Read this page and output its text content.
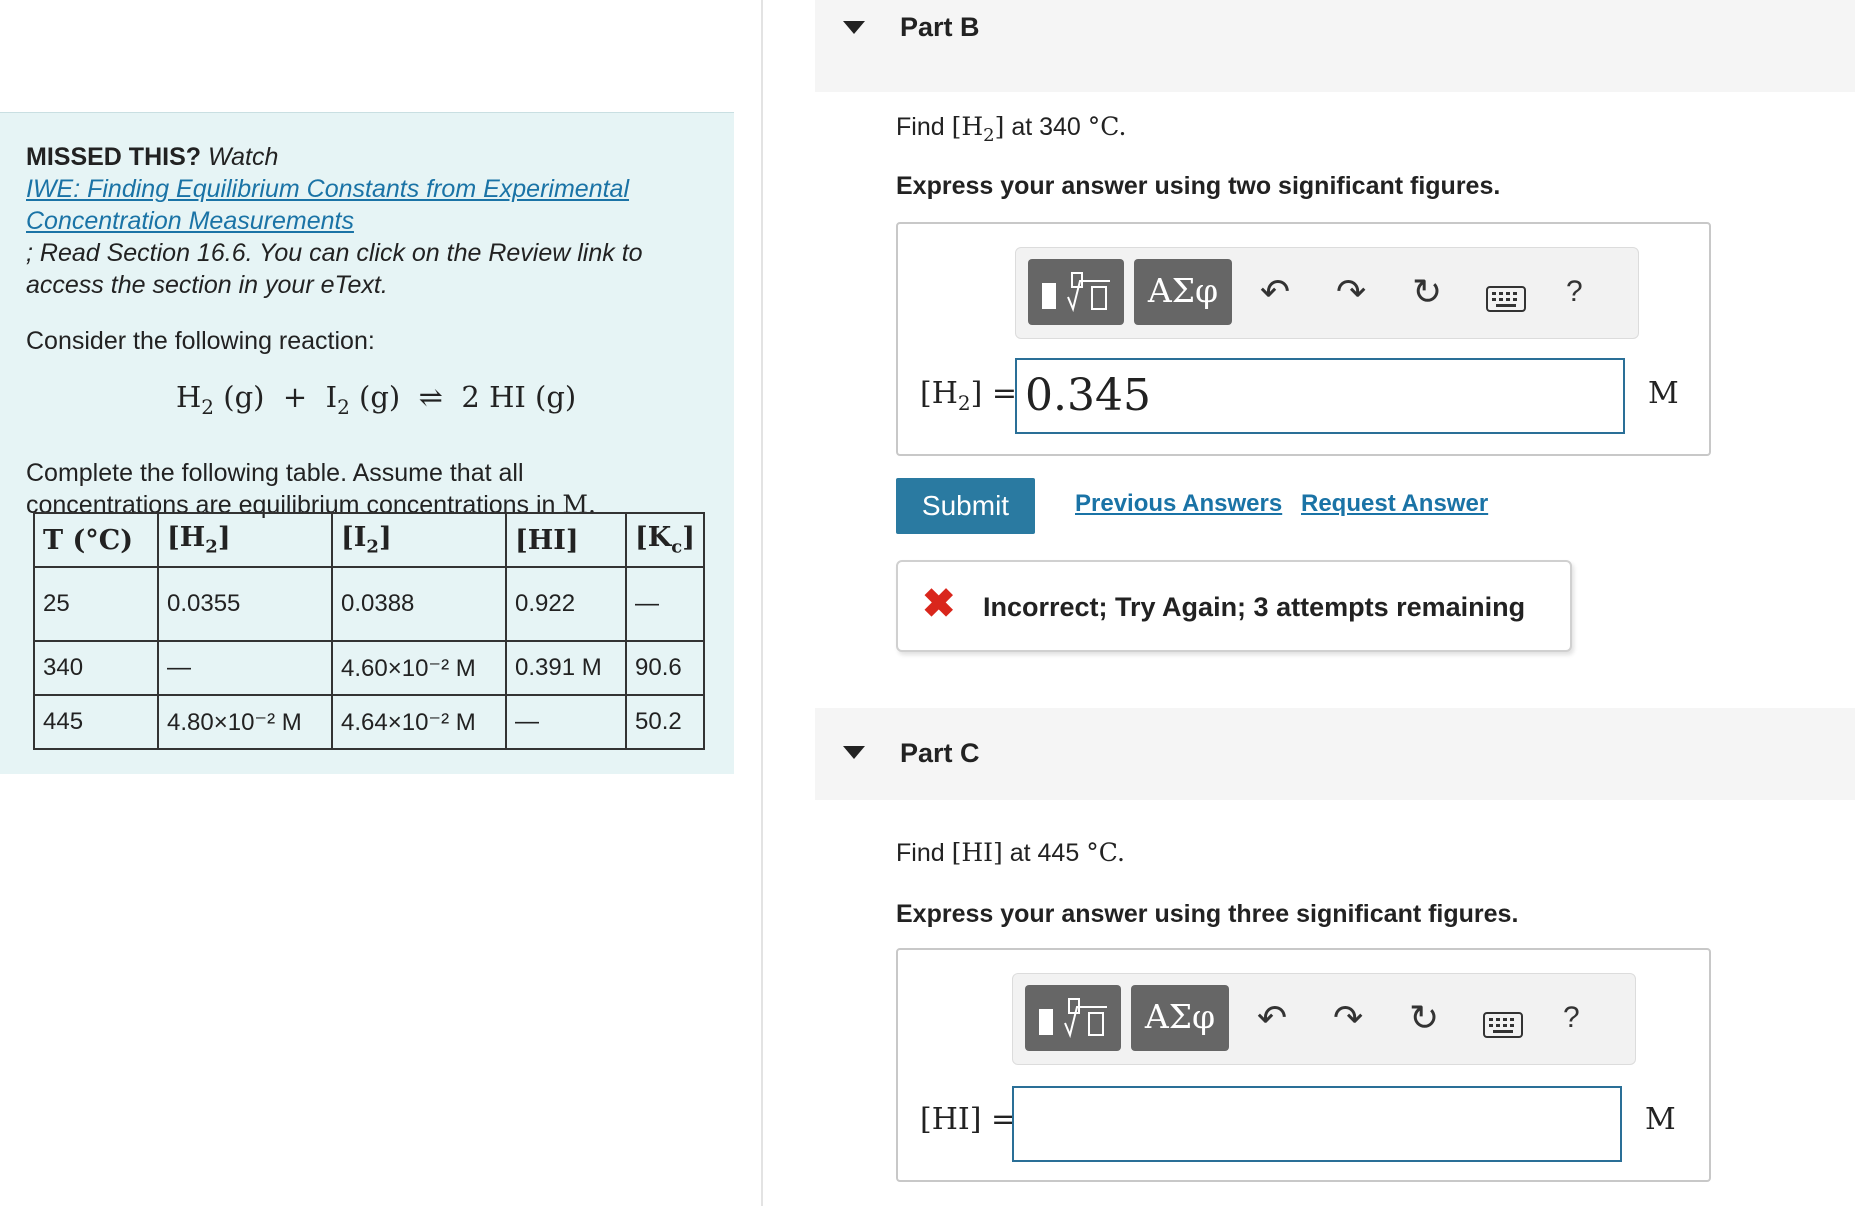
MISSED THIS? Watch
IWE: Finding Equilibrium Constants from Experimental
Concentration Measurements
; Read Section 16.6. You can click on the Review link to
access the section in your eText.
Consider the following reaction:
$H_2$ $(g) + I_2$ (g)  ⇌  2 HI (g)
Complete the following table. Assume that all
concentrations are equilibrium concentrations in M.
T (°C)	$[H_2]$	$[I_2]$	[HI]	$[K_c]$
25	0.0355	0.0388	0.922	—
340	—	4.60×10⁻² M	0.391 M	90.6
445	4.80×10⁻² M	4.64×10⁻² M	—	50.2
Part B
Find $[H_2]$ at 340 °C.
Express your answer using two significant figures.
ΑΣφ	↶ ↷ ↻	?
$[H_2] = 0.345$	M
Submit	Previous Answers Request Answer
✖ Incorrect; Try Again; 3 attempts remaining
Part C
Find [HI] at 445 °C.
Express your answer using three significant figures.
ΑΣφ	↶ ↷ ↻	?
[HI] =	M
